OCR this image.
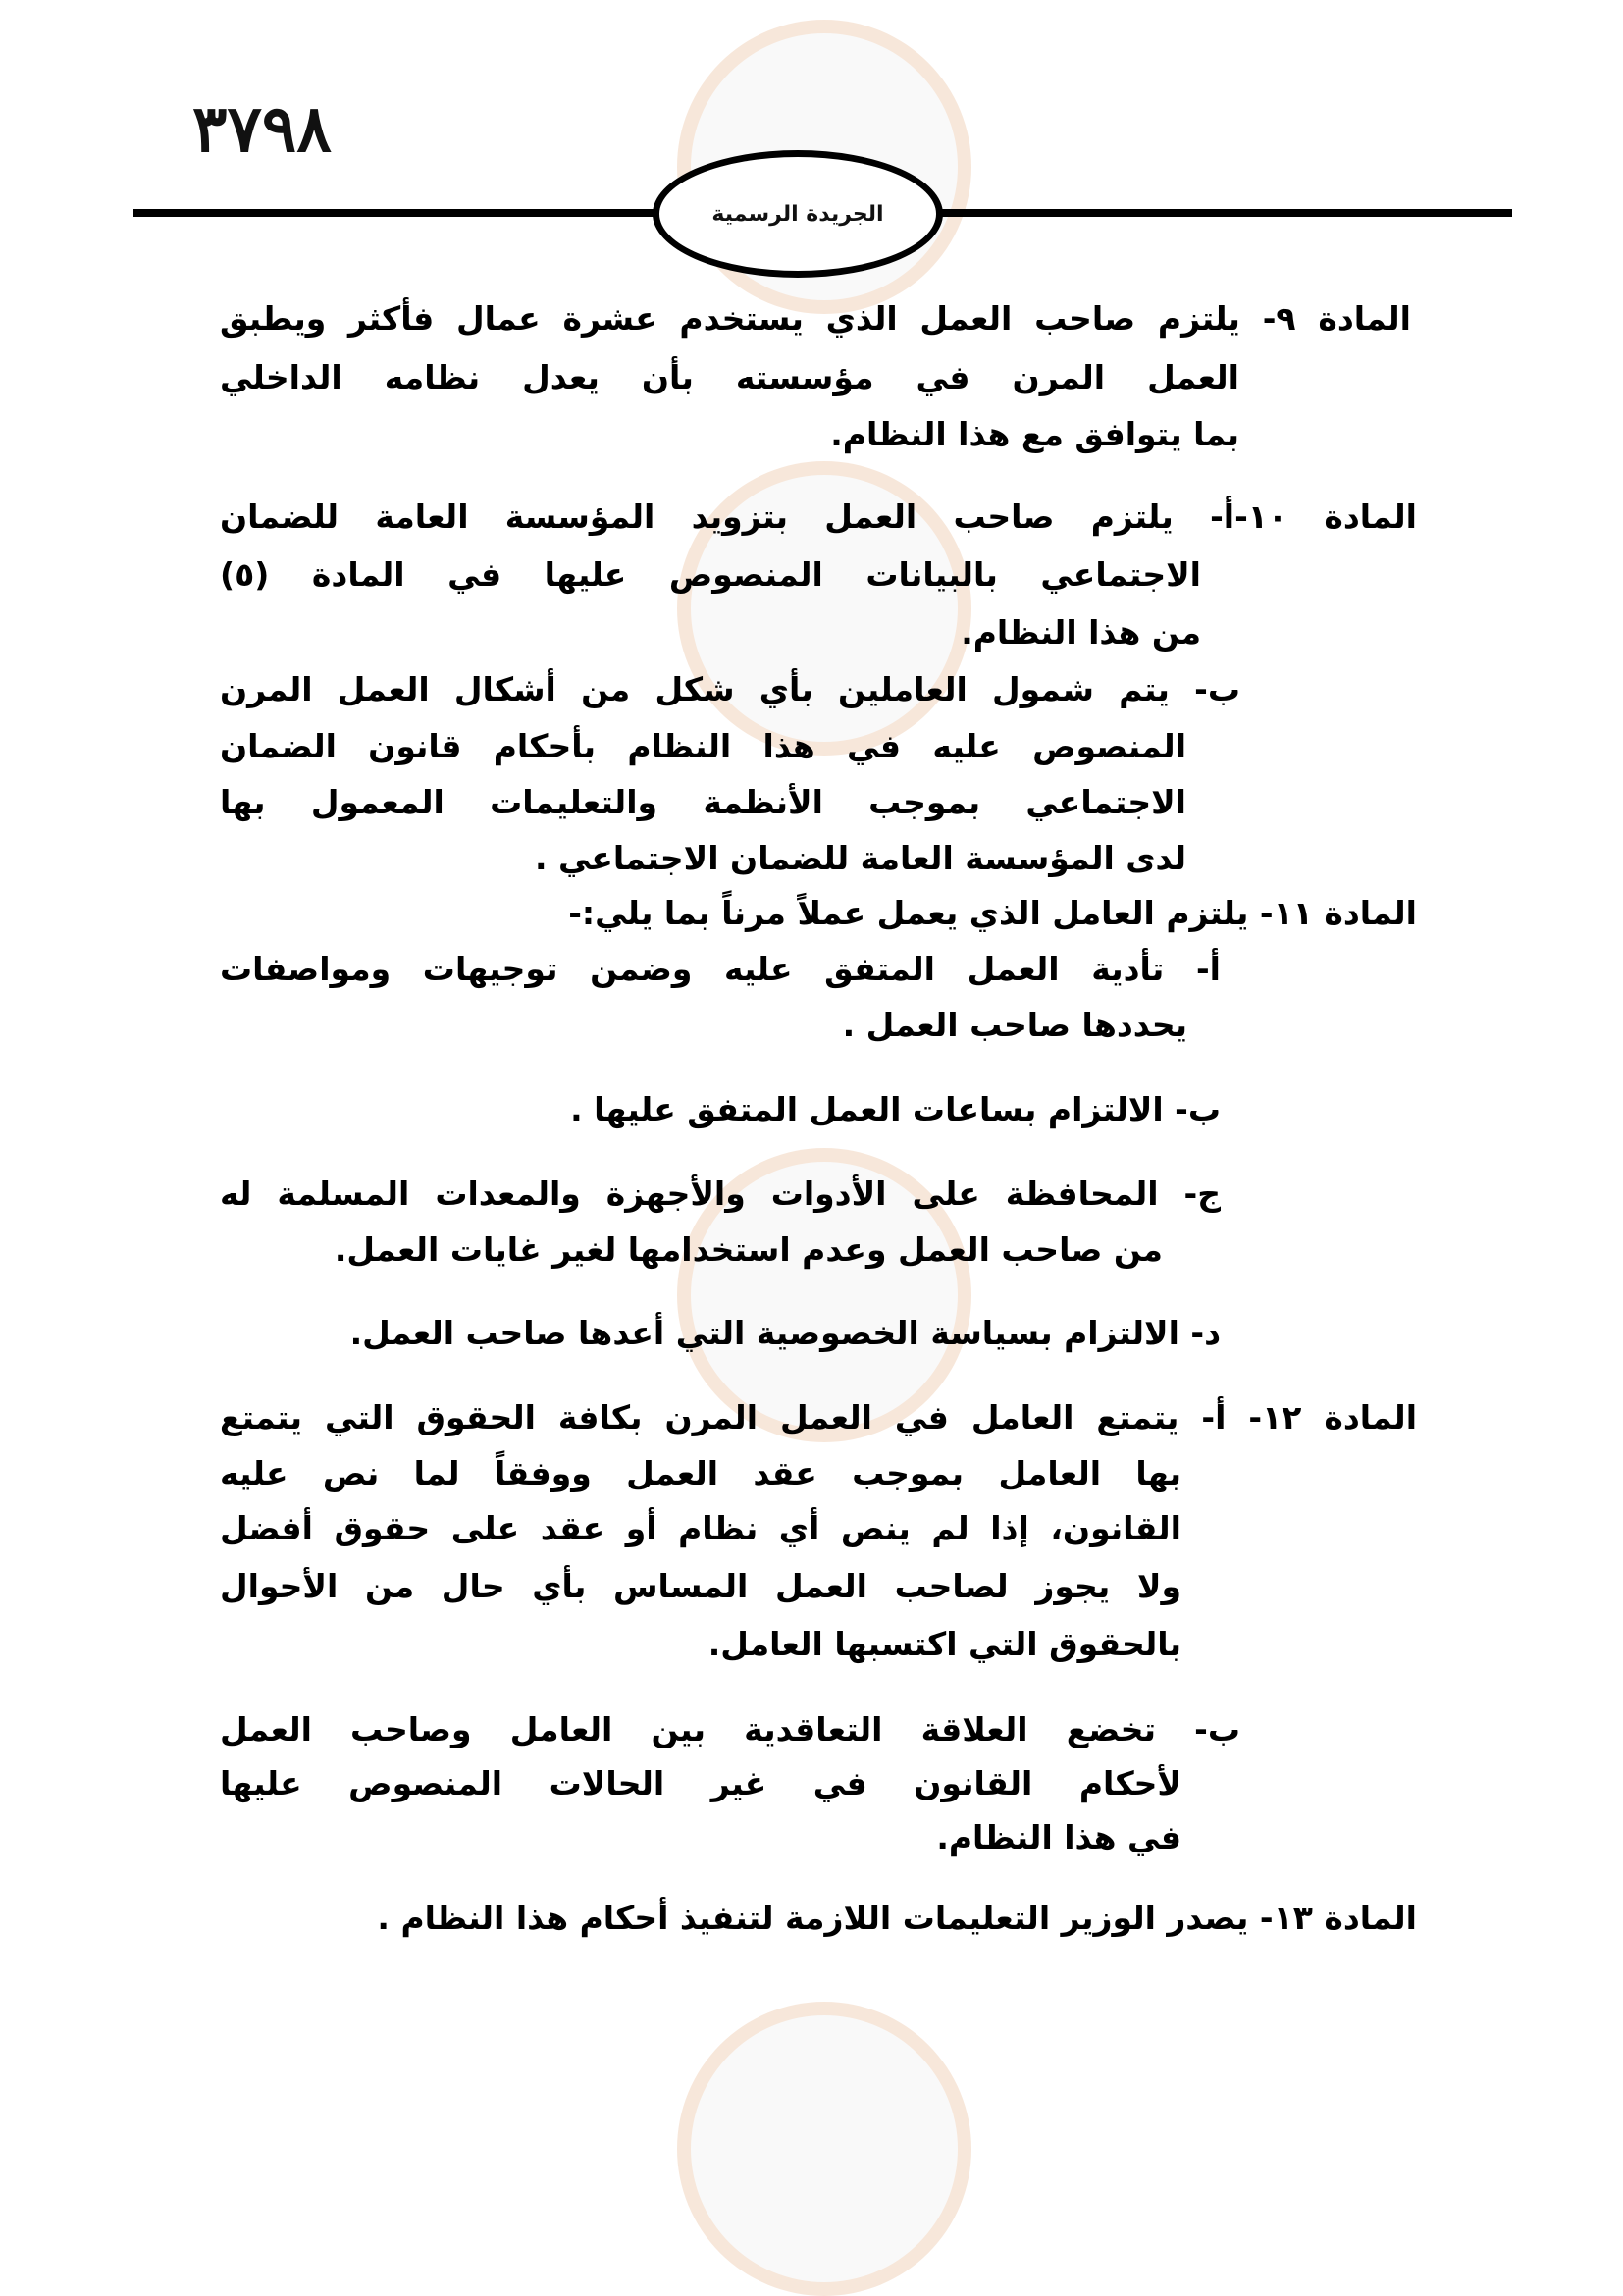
٣٧٩٨
الجريدة الرسمية
المادة ٩- يلتزم صاحب العمل الذي يستخدم عشرة عمال فأكثر ويطبق
العمل المرن في مؤسسته بأن يعدل نظامه الداخلي
بما يتوافق مع هذا النظام.
المادة ١٠-أ- يلتزم صاحب العمل بتزويد المؤسسة العامة للضمان
الاجتماعي بالبيانات المنصوص عليها في المادة (٥)
من هذا النظام.
ب- يتم شمول العاملين بأي شكل من أشكال العمل المرن
المنصوص عليه في هذا النظام بأحكام قانون الضمان
الاجتماعي بموجب الأنظمة والتعليمات المعمول بها
لدى المؤسسة العامة للضمان الاجتماعي .
المادة ١١- يلتزم العامل الذي يعمل عملاً مرناً بما يلي:-
أ- تأدية العمل المتفق عليه وضمن توجيهات ومواصفات
يحددها صاحب العمل .
ب- الالتزام بساعات العمل المتفق عليها .
ج- المحافظة على الأدوات والأجهزة والمعدات المسلمة له
من صاحب العمل وعدم استخدامها لغير غايات العمل.
د- الالتزام بسياسة الخصوصية التي أعدها صاحب العمل.
المادة ١٢- أ- يتمتع العامل في العمل المرن بكافة الحقوق التي يتمتع
بها العامل بموجب عقد العمل ووفقاً لما نص عليه
القانون، إذا لم ينص أي نظام أو عقد على حقوق أفضل
ولا يجوز لصاحب العمل المساس بأي حال من الأحوال
بالحقوق التي اكتسبها العامل.
ب- تخضع العلاقة التعاقدية بين العامل وصاحب العمل
لأحكام القانون في غير الحالات المنصوص عليها
في هذا النظام.
المادة ١٣- يصدر الوزير التعليمات اللازمة لتنفيذ أحكام هذا النظام .
